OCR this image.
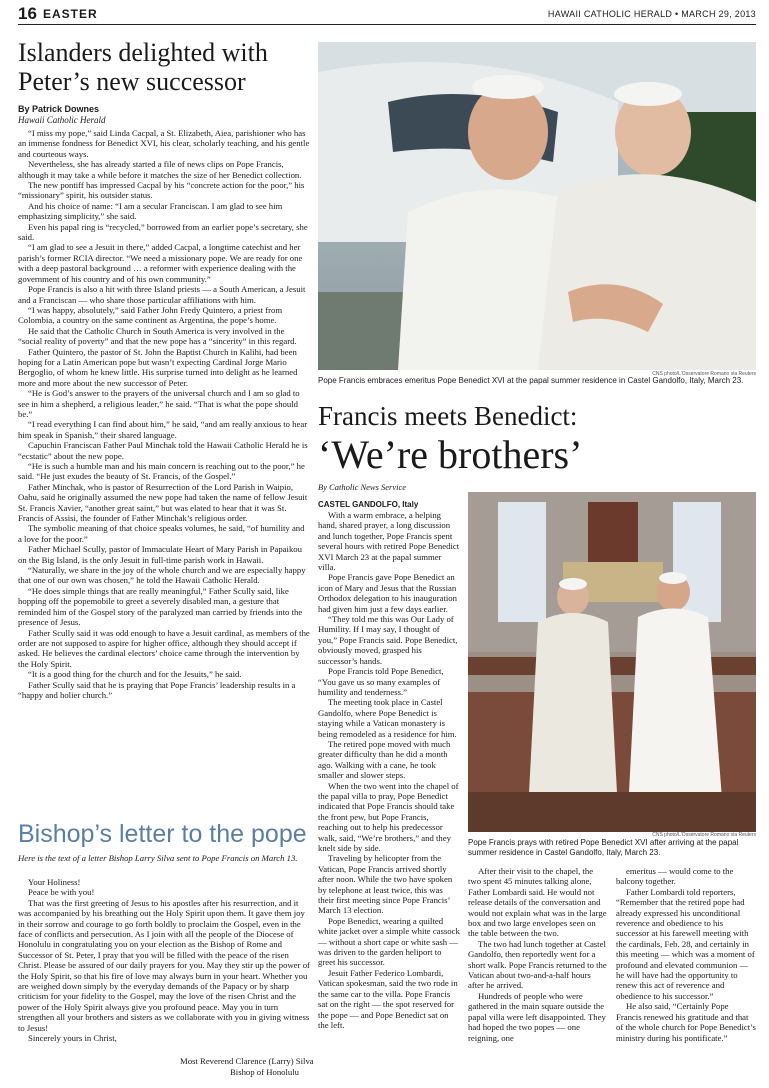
16 EASTER	HAWAII CATHOLIC HERALD • MARCH 29, 2013
Islanders delighted with Peter’s new successor
By Patrick Downes
Hawaii Catholic Herald

“I miss my pope,” said Linda Cacpal, a St. Elizabeth, Aiea, parishioner who has an immense fondness for Benedict XVI, his clear, scholarly teaching, and his gentle and courteous ways.

Nevertheless, she has already started a file of news clips on Pope Francis, although it may take a while before it matches the size of her Benedict collection.

The new pontiff has impressed Cacpal by his “concrete action for the poor,” his “missionary” spirit, his outsider status.

And his choice of name: “I am a secular Franciscan. I am glad to see him emphasizing simplicity,” she said.

Even his papal ring is “recycled,” borrowed from an earlier pope’s secretary, she said.

“I am glad to see a Jesuit in there,” added Cacpal, a longtime catechist and her parish’s former RCIA director. “We need a missionary pope. We are ready for one with a deep pastoral background … a reformer with experience dealing with the government of his country and of his own community.”

Pope Francis is also a hit with three Island priests — a South American, a Jesuit and a Franciscan — who share those particular affiliations with him.

“I was happy, absolutely,” said Father John Fredy Quintero, a priest from Colombia, a country on the same continent as Argentina, the pope’s home.

He said that the Catholic Church in South America is very involved in the “social reality of poverty” and that the new pope has a “sincerity” in this regard.

Father Quintero, the pastor of St. John the Baptist Church in Kalihi, had been hoping for a Latin American pope but wasn’t expecting Cardinal Jorge Mario Bergoglio, of whom he knew little. His surprise turned into delight as he learned more and more about the new successor of Peter.

“He is God’s answer to the prayers of the universal church and I am so glad to see in him a shepherd, a religious leader,” he said. “That is what the pope should be.”

“I read everything I can find about him,” he said, “and am really anxious to hear him speak in Spanish,” their shared language.

Capuchin Franciscan Father Paul Minchak told the Hawaii Catholic Herald he is “ecstatic” about the new pope.

“He is such a humble man and his main concern is reaching out to the poor,” he said. “He just exudes the beauty of St. Francis, of the Gospel.”

Father Minchak, who is pastor of Resurrection of the Lord Parish in Waipio, Oahu, said he originally assumed the new pope had taken the name of fellow Jesuit St. Francis Xavier, “another great saint,” but was elated to hear that it was St. Francis of Assisi, the founder of Father Minchak’s religious order.

The symbolic meaning of that choice speaks volumes, he said, “of humility and a love for the poor.”

Father Michael Scully, pastor of Immaculate Heart of Mary Parish in Papaikou on the Big Island, is the only Jesuit in full-time parish work in Hawaii.

“Naturally, we share in the joy of the whole church and we are especially happy that one of our own was chosen,” he told the Hawaii Catholic Herald.

“He does simple things that are really meaningful,” Father Scully said, like hopping off the popemobile to greet a severely disabled man, a gesture that reminded him of the Gospel story of the paralyzed man carried by friends into the presence of Jesus.

Father Scully said it was odd enough to have a Jesuit cardinal, as members of the order are not supposed to aspire for higher office, although they should accept if asked. He believes the cardinal electors’ choice came through the intervention by the Holy Spirit.

“It is a good thing for the church and for the Jesuits,” he said.

Father Scully said that he is praying that Pope Francis’ leadership results in a “happy and holier church.”

Bishop’s letter to the pope
Here is the text of a letter Bishop Larry Silva sent to Pope Francis on March 13.

Your Holiness!

Peace be with you!

That was the first greeting of Jesus to his apostles after his resurrection, and it was accompanied by his breathing out the Holy Spirit upon them. It gave them joy in their sorrow and courage to go forth boldly to proclaim the Gospel, even in the face of conflicts and persecution. As I join with all the people of the Diocese of Honolulu in congratulating you on your election as the Bishop of Rome and Successor of St. Peter, I pray that you will be filled with the peace of the risen Christ. Please be assured of our daily prayers for you. May they stir up the power of the Holy Spirit, so that his fire of love may always burn in your heart. Whether you are weighed down simply by the everyday demands of the Papacy or by sharp criticism for your fidelity to the Gospel, may the love of the risen Christ and the power of the Holy Spirit always give you profound peace. May you in turn strengthen all your brothers and sisters as we collaborate with you in giving witness to Jesus!

Sincerely yours in Christ,

Most Reverend Clarence (Larry) Silva
Bishop of Honolulu
CNS photo/L'Osservatore Romano via Reuters
Pope Francis embraces emeritus Pope Benedict XVI at the papal summer residence in Castel Gandolfo, Italy, March 23.
Francis meets Benedict:
‘We’re brothers’
By Catholic News Service
CASTEL GANDOLFO, Italy

With a warm embrace, a helping hand, shared prayer, a long discussion and lunch together, Pope Francis spent several hours with retired Pope Benedict XVI March 23 at the papal summer villa.

Pope Francis gave Pope Benedict an icon of Mary and Jesus that the Russian Orthodox delegation to his inauguration had given him just a few days earlier.

“They told me this was Our Lady of Humility. If I may say, I thought of you,” Pope Francis said. Pope Benedict, obviously moved, grasped his successor’s hands.

Pope Francis told Pope Benedict, “You gave us so many examples of humility and tenderness.”

The meeting took place in Castel Gandolfo, where Pope Benedict is staying while a Vatican monastery is being remodeled as a residence for him.

The retired pope moved with much greater difficulty than he did a month ago. Walking with a cane, he took smaller and slower steps.

When the two went into the chapel of the papal villa to pray, Pope Benedict indicated that Pope Francis should take the front pew, but Pope Francis, reaching out to help his predecessor walk, said, “We’re brothers,” and they knelt side by side.

Traveling by helicopter from the Vatican, Pope Francis arrived shortly after noon. While the two have spoken by telephone at least twice, this was their first meeting since Pope Francis’ March 13 election.

Pope Benedict, wearing a quilted white jacket over a simple white cassock — without a short cape or white sash — was driven to the garden heliport to greet his successor.

Jesuit Father Federico Lombardi, Vatican spokesman, said the two rode in the same car to the villa. Pope Francis sat on the right — the spot reserved for the pope — and Pope Benedict sat on the left.

CNS photo/L'Osservatore Romano via Reuters
Pope Francis prays with retired Pope Benedict XVI after arriving at the papal summer residence in Castel Gandolfo, Italy, March 23.

After their visit to the chapel, the two spent 45 minutes talking alone, Father Lombardi said. He would not release details of the conversation and would not explain what was in the large box and two large envelopes seen on the table between the two.

The two had lunch together at Castel Gandolfo, then reportedly went for a short walk. Pope Francis returned to the Vatican about two-and-a-half hours after he arrived.

Hundreds of people who were gathered in the main square outside the papal villa were left disappointed. They had hoped the two popes — one reigning, one

emeritus — would come to the balcony together.

Father Lombardi told reporters, “Remember that the retired pope had already expressed his unconditional reverence and obedience to his successor at his farewell meeting with the cardinals, Feb. 28, and certainly in this meeting — which was a moment of profound and elevated communion — he will have had the opportunity to renew this act of reverence and obedience to his successor.”

He also said, “Certainly Pope Francis renewed his gratitude and that of the whole church for Pope Benedict’s ministry during his pontificate.”
